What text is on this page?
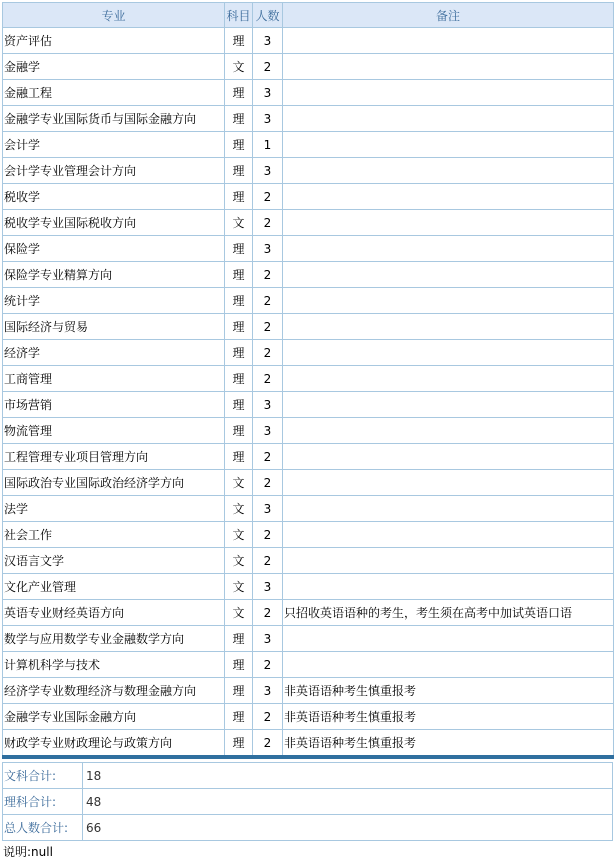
专业	科目	人数	备注
资产评估	理	3	
金融学	文	2	
金融工程	理	3	
金融学专业国际货币与国际金融方向	理	3	
会计学	理	1	
会计学专业管理会计方向	理	3	
税收学	理	2	
税收学专业国际税收方向	文	2	
保险学	理	3	
保险学专业精算方向	理	2	
统计学	理	2	
国际经济与贸易	理	2	
经济学	理	2	
工商管理	理	2	
市场营销	理	3	
物流管理	理	3	
工程管理专业项目管理方向	理	2	
国际政治专业国际政治经济学方向	文	2	
法学	文	3	
社会工作	文	2	
汉语言文学	文	2	
文化产业管理	文	3	
英语专业财经英语方向	文	2	只招收英语语种的考生，考生须在高考中加试英语口语
数学与应用数学专业金融数学方向	理	3	
计算机科学与技术	理	2	
经济学专业数理经济与数理金融方向	理	3	非英语语种考生慎重报考
金融学专业国际金融方向	理	2	非英语语种考生慎重报考
财政学专业财政理论与政策方向	理	2	非英语语种考生慎重报考
文科合计:	18
理科合计:	48
总人数合计:	66
说明:null
